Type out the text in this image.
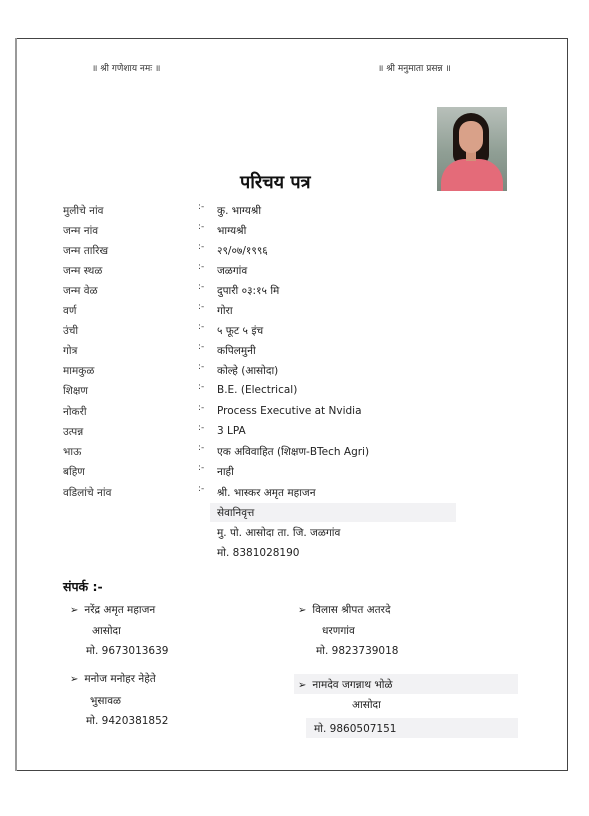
॥ श्री गणेशाय नमः ॥	॥ श्री मनुमाता प्रसन्न ॥
परिचय पत्र
मुलीचे नांव	:- कु. भाग्यश्री
जन्म नांव	:- भाग्यश्री
जन्म तारिख	:- २९/०७/१९९६
जन्म स्थळ	:- जळगांव
जन्म वेळ	:- दुपारी ०३:१५ मि
वर्ण	:- गोरा
उंची	:- ५ फूट ५ इंच
गोत्र	:- कपिलमुनी
मामकुळ	:- कोल्हे (आसोदा)
शिक्षण	:- B.E. (Electrical)
नोकरी	:- Process Executive at Nvidia
उत्पन्न	:- 3 LPA
भाऊ	:- एक अविवाहित (शिक्षण-BTech Agri)
बहिण	:- नाही
वडिलांचे नांव	:- श्री. भास्कर अमृत महाजन
सेवानिवृत्त
मु. पो. आसोदा ता. जि. जळगांव
मो. 8381028190
संपर्क :-
➢ नरेंद्र अमृत महाजन
आसोदा
मो. 9673013639
➢ विलास श्रीपत अतरदे
धरणगांव
मो. 9823739018
➢ मनोज मनोहर नेहेते
भुसावळ
मो. 9420381852
➢ नामदेव जगन्नाथ भोळे
आसोदा
मो. 9860507151
